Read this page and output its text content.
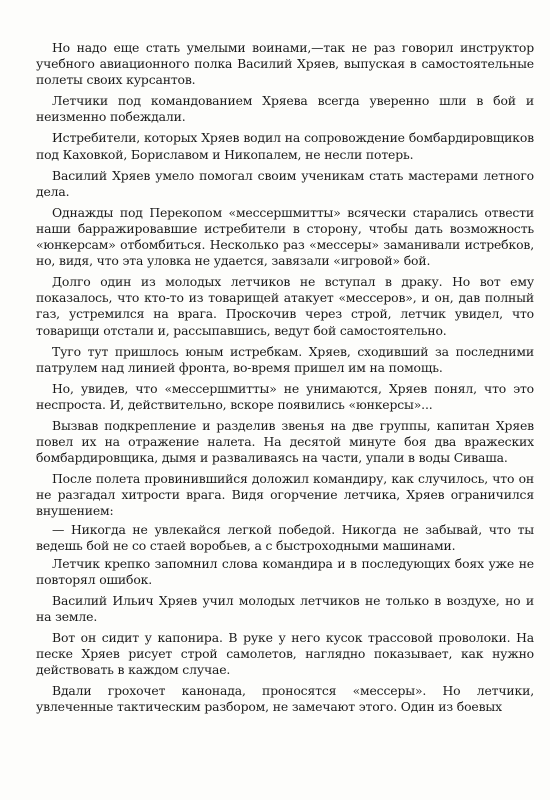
Но надо еще стать умелыми воинами,—так не раз говорил инструктор учебного авиационного полка Василий Хряев, выпуская в самостоятельные полеты своих курсантов.

Летчики под командованием Хряева всегда уверенно шли в бой и неизменно побеждали.

Истребители, которых Хряев водил на сопровождение бомбардировщиков под Каховкой, Бориславом и Никопалем, не несли потерь.

Василий Хряев умело помогал своим ученикам стать мастерами летного дела.

Однажды под Перекопом «мессершмитты» всячески старались отвести наши барражировавшие истребители в сторону, чтобы дать возможность «юнкерсам» отбомбиться. Несколько раз «мессеры» заманивали истребков, но, видя, что эта уловка не удается, завязали «игровой» бой.

Долго один из молодых летчиков не вступал в драку. Но вот ему показалось, что кто-то из товарищей атакует «мессеров», и он, дав полный газ, устремился на врага. Проскочив через строй, летчик увидел, что товарищи отстали и, рассыпавшись, ведут бой самостоятельно.

Туго тут пришлось юным истребкам. Хряев, сходивший за последними патрулем над линией фронта, во-время пришел им на помощь.

Но, увидев, что «мессершмитты» не унимаются, Хряев понял, что это неспроста. И, действительно, вскоре появились «юнкерсы»...

Вызвав подкрепление и разделив звенья на две группы, капитан Хряев повел их на отражение налета. На десятой минуте боя два вражеских бомбардировщика, дымя и разваливаясь на части, упали в воды Сиваша.

После полета провинившийся доложил командиру, как случилось, что он не разгадал хитрости врага. Видя огорчение летчика, Хряев ограничился внушением:

— Никогда не увлекайся легкой победой. Никогда не забывай, что ты ведешь бой не со стаей воробьев, а с быстроходными машинами.

Летчик крепко запомнил слова командира и в последующих боях уже не повторял ошибок.

Василий Ильич Хряев учил молодых летчиков не только в воздухе, но и на земле.

Вот он сидит у капонира. В руке у него кусок трассовой проволоки. На песке Хряев рисует строй самолетов, наглядно показывает, как нужно действовать в каждом случае.

Вдали грохочет канонада, проносятся «мессеры». Но летчики, увлеченные тактическим разбором, не замечают этого. Один из боевых
